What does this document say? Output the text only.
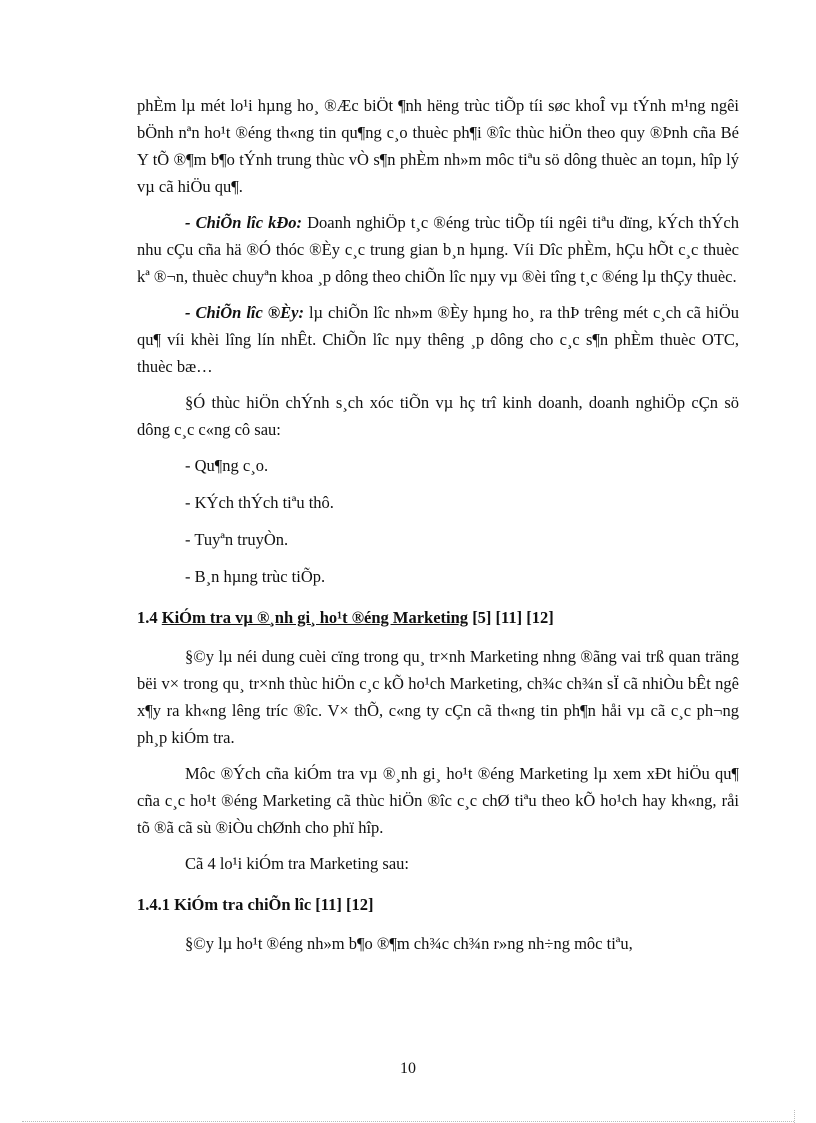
phÈm lµ mét lo¹i hµng ho¸ ®Æc biÖt ¶nh hëng trùc tiÕp tíi søc khoÎ vµ tÝnh m¹ng ngêi bÖnh nªn ho¹t ®éng th«ng tin qu¶ng c¸o thuèc ph¶i ®îc thùc hiÖn theo quy ®Þnh cña Bé Y tÕ ®¶m b¶o tÝnh trung thùc vÒ s¶n phÈm nh»m môc tiªu sö dông thuèc an toµn, hîp lý vµ cã hiÖu qu¶.

- ChiÕn lîc kÐo: Doanh nghiÖp t¸c ®éng trùc tiÕp tíi ngêi tiªu dïng, kÝch thÝch nhu cÇu cña hä ®Ó thóc ®Èy c¸c trung gian b¸n hµng. Víi Dîc phÈm, hÇu hÕt c¸c thuèc kª ®¬n, thuèc chuyªn khoa ¸p dông theo chiÕn lîc nµy vµ ®èi tîng t¸c ®éng lµ thÇy thuèc.

- ChiÕn lîc ®Èy: lµ chiÕn lîc nh»m ®Èy hµng ho¸ ra thÞ trêng mét c¸ch cã hiÖu qu¶ víi khèi lîng lín nhÊt. ChiÕn lîc nµy thêng ¸p dông cho c¸c s¶n phÈm thuèc OTC, thuèc bæ…

§Ó thùc hiÖn chÝnh s¸ch xóc tiÕn vµ hç trî kinh doanh, doanh nghiÖp cÇn sö dông c¸c c«ng cô sau:

- Qu¶ng c¸o.

- KÝch thÝch tiªu thô.

- Tuyªn truyÒn.

- B¸n hµng trùc tiÕp.

1.4 KiÓm tra vµ ®¸nh gi¸ ho¹t ®éng Marketing [5] [11] [12]

§©y lµ néi dung cuèi cïng trong qu¸ tr×nh Marketing nhng ®ãng vai trß quan träng bëi v× trong qu¸ tr×nh thùc hiÖn c¸c kÕ ho¹ch Marketing, ch¾c ch¾n sÏ cã nhiÒu bÊt ngê x¶y ra kh«ng lêng tríc ®îc. V× thÕ, c«ng ty cÇn cã th«ng tin ph¶n håi vµ cã c¸c ph¬ng ph¸p kiÓm tra.

Môc ®Ých cña kiÓm tra vµ ®¸nh gi¸ ho¹t ®éng Marketing lµ xem xÐt hiÖu qu¶ cña c¸c ho¹t ®éng Marketing cã thùc hiÖn ®îc c¸c chØ tiªu theo kÕ ho¹ch hay kh«ng, råi tõ ®ã cã sù ®iÒu chØnh cho phï hîp.

Cã 4 lo¹i kiÓm tra Marketing sau:

1.4.1 KiÓm tra chiÕn lîc [11] [12]

§©y lµ ho¹t ®éng nh»m b¶o ®¶m ch¾c ch¾n r»ng nh÷ng môc tiªu,

10
